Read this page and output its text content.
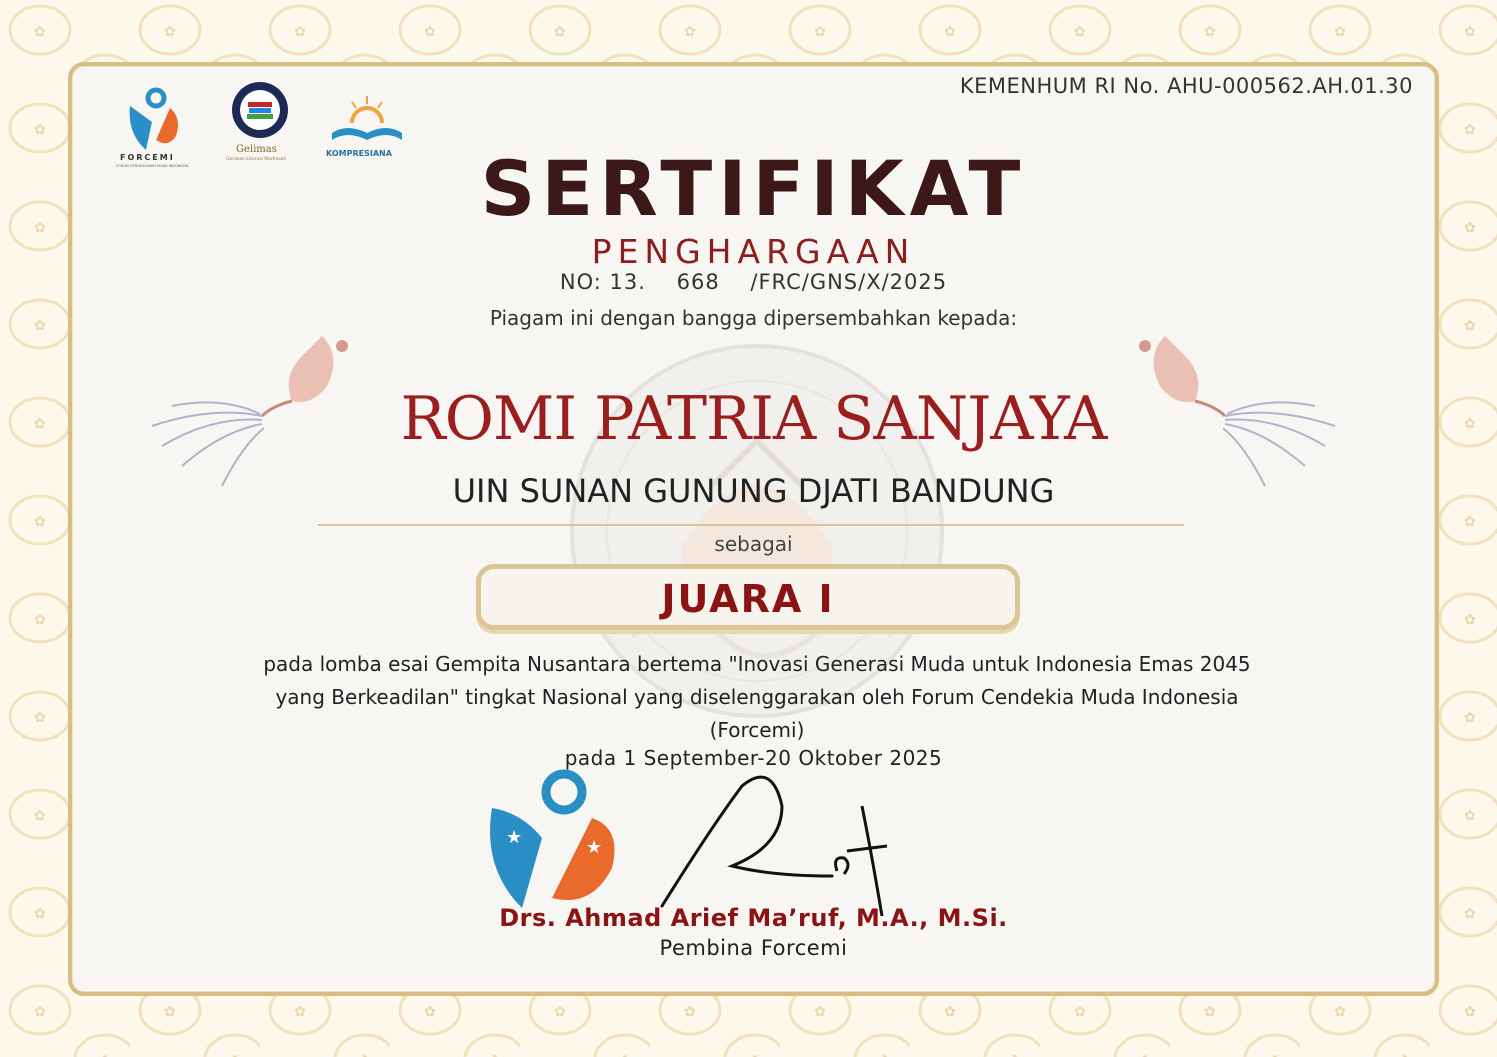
KEMENHUM RI No. AHU-000562.AH.01.30
FORCEMI
FORUM CENDEKIAWAN MUDA INDONESIA
Gelimas
Gerakan Literasi Madrasah
KOMPRESIANA	SERTIFIKAT
PENGHARGAAN
NO: 13.    668    /FRC/GNS/X/2025
Piagam ini dengan bangga dipersembahkan kepada:
ROMI PATRIA SANJAYA
UIN SUNAN GUNUNG DJATI BANDUNG
sebagai
JUARA I
pada lomba esai Gempita Nusantara bertema "Inovasi Generasi Muda untuk Indonesia Emas 2045 yang Berkeadilan" tingkat Nasional yang diselenggarakan oleh Forum Cendekia Muda Indonesia (Forcemi)
pada 1 September-20 Oktober 2025
★	★
Drs. Ahmad Arief Ma’ruf, M.A., M.Si.
Pembina Forcemi
